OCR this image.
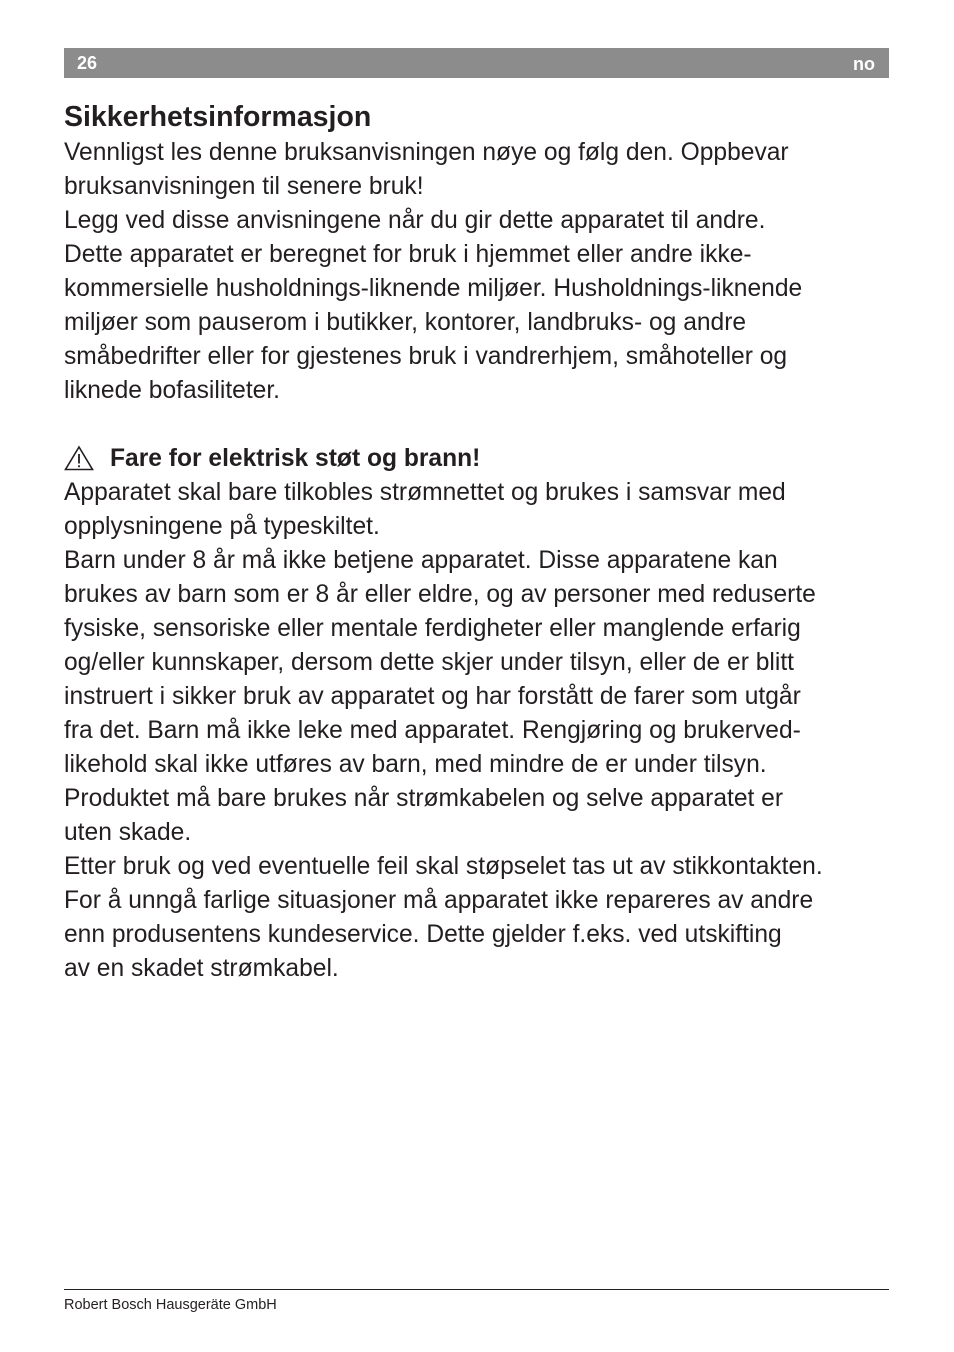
26	no
Sikkerhetsinformasjon

Vennligst les denne bruksanvisningen nøye og følg den. Oppbevar
bruksanvisningen til senere bruk!

Legg ved disse anvisningene når du gir dette apparatet til andre.

Dette apparatet er beregnet for bruk i hjemmet eller andre ikke-
kommersielle husholdnings-liknende miljøer. Husholdnings-liknende
miljøer som pauserom i butikker, kontorer, landbruks- og andre
småbedrifter eller for gjestenes bruk i vandrerhjem, småhoteller og
liknede bofasiliteter.

Fare for elektrisk støt og brann!

Apparatet skal bare tilkobles strømnettet og brukes i samsvar med
opplysningene på typeskiltet.

Barn under 8 år må ikke betjene apparatet. Disse apparatene kan
brukes av barn som er 8 år eller eldre, og av personer med reduserte
fysiske, sensoriske eller mentale ferdigheter eller manglende erfarig
og/eller kunnskaper, dersom dette skjer under tilsyn, eller de er blitt
instruert i sikker bruk av apparatet og har forstått de farer som utgår
fra det. Barn må ikke leke med apparatet. Rengjøring og brukerved-
likehold skal ikke utføres av barn, med mindre de er under tilsyn.

Produktet må bare brukes når strømkabelen og selve apparatet er
uten skade.

Etter bruk og ved eventuelle feil skal støpselet tas ut av stikkontakten.

For å unngå farlige situasjoner må apparatet ikke repareres av andre
enn produsentens kundeservice. Dette gjelder f.eks. ved utskifting
av en skadet strømkabel.

Robert Bosch Hausgeräte GmbH
